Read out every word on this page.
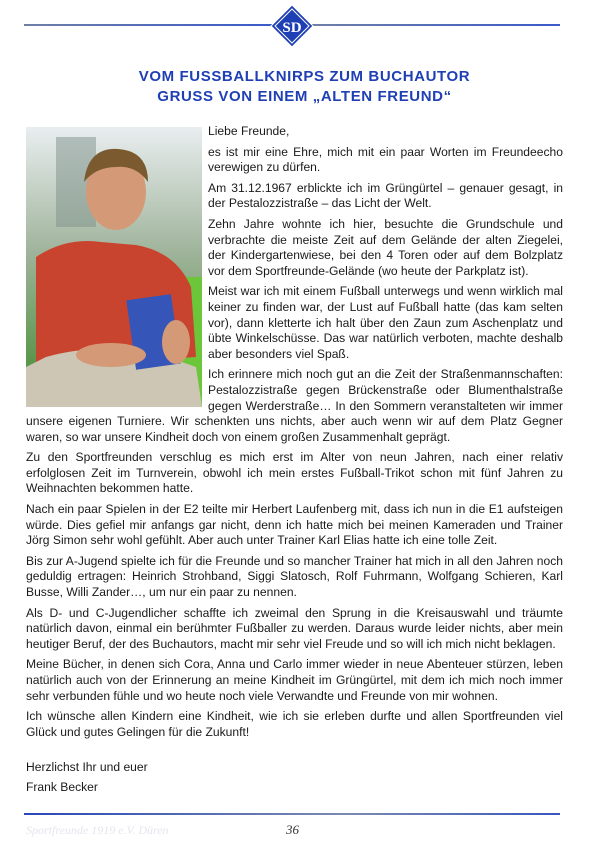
SD
VOM FUSSBALLKNIRPS ZUM BUCHAUTOR
GRUSS VON EINEM „ALTEN FREUND“

Liebe Freunde,

es ist mir eine Ehre, mich mit ein paar Worten im Freundeecho verewigen zu dürfen.

Am 31.12.1967 erblickte ich im Grüngürtel – genauer gesagt, in der Pestalozzistraße – das Licht der Welt.

Zehn Jahre wohnte ich hier, besuchte die Grundschule und verbrachte die meiste Zeit auf dem Gelände der alten Ziegelei, der Kindergartenwiese, bei den 4 Toren oder auf dem Bolzplatz vor dem Sportfreunde-Gelände (wo heute der Parkplatz ist).

Meist war ich mit einem Fußball unterwegs und wenn wirklich mal keiner zu finden war, der Lust auf Fußball hatte (das kam selten vor), dann kletterte ich halt über den Zaun zum Aschenplatz und übte Winkelschüsse. Das war natürlich verboten, machte deshalb aber besonders viel Spaß.

Ich erinnere mich noch gut an die Zeit der Straßenmannschaften: Pestalozzistraße gegen Brückenstraße oder Blumenthalstraße gegen Werderstraße… In den Sommern veranstalteten wir immer unsere eigenen Turniere. Wir schenkten uns nichts, aber auch wenn wir auf dem Platz Gegner waren, so war unsere Kindheit doch von einem großen Zusammenhalt geprägt.

Zu den Sportfreunden verschlug es mich erst im Alter von neun Jahren, nach einer relativ erfolglosen Zeit im Turnverein, obwohl ich mein erstes Fußball-Trikot schon mit fünf Jahren zu Weihnachten bekommen hatte.

Nach ein paar Spielen in der E2 teilte mir Herbert Laufenberg mit, dass ich nun in die E1 aufsteigen würde. Dies gefiel mir anfangs gar nicht, denn ich hatte mich bei meinen Kameraden und Trainer Jörg Simon sehr wohl gefühlt. Aber auch unter Trainer Karl Elias hatte ich eine tolle Zeit.

Bis zur A-Jugend spielte ich für die Freunde und so mancher Trainer hat mich in all den Jahren noch geduldig ertragen: Heinrich Strohband, Siggi Slatosch, Rolf Fuhrmann, Wolfgang Schieren, Karl Busse, Willi Zander…, um nur ein paar zu nennen.

Als D- und C-Jugendlicher schaffte ich zweimal den Sprung in die Kreisauswahl und träumte natürlich davon, einmal ein berühmter Fußballer zu werden. Daraus wurde leider nichts, aber mein heutiger Beruf, der des Buchautors, macht mir sehr viel Freude und so will ich mich nicht beklagen.

Meine Bücher, in denen sich Cora, Anna und Carlo immer wieder in neue Abenteuer stürzen, leben natürlich auch von der Erinnerung an meine Kindheit im Grüngürtel, mit dem ich mich noch immer sehr verbunden fühle und wo heute noch viele Verwandte und Freunde von mir wohnen.

Ich wünsche allen Kindern eine Kindheit, wie ich sie erleben durfte und allen Sportfreunden viel Glück und gutes Gelingen für die Zukunft!

Herzlichst Ihr und euer
Frank Becker
Sportfreunde 1919 e.V. Düren	36
